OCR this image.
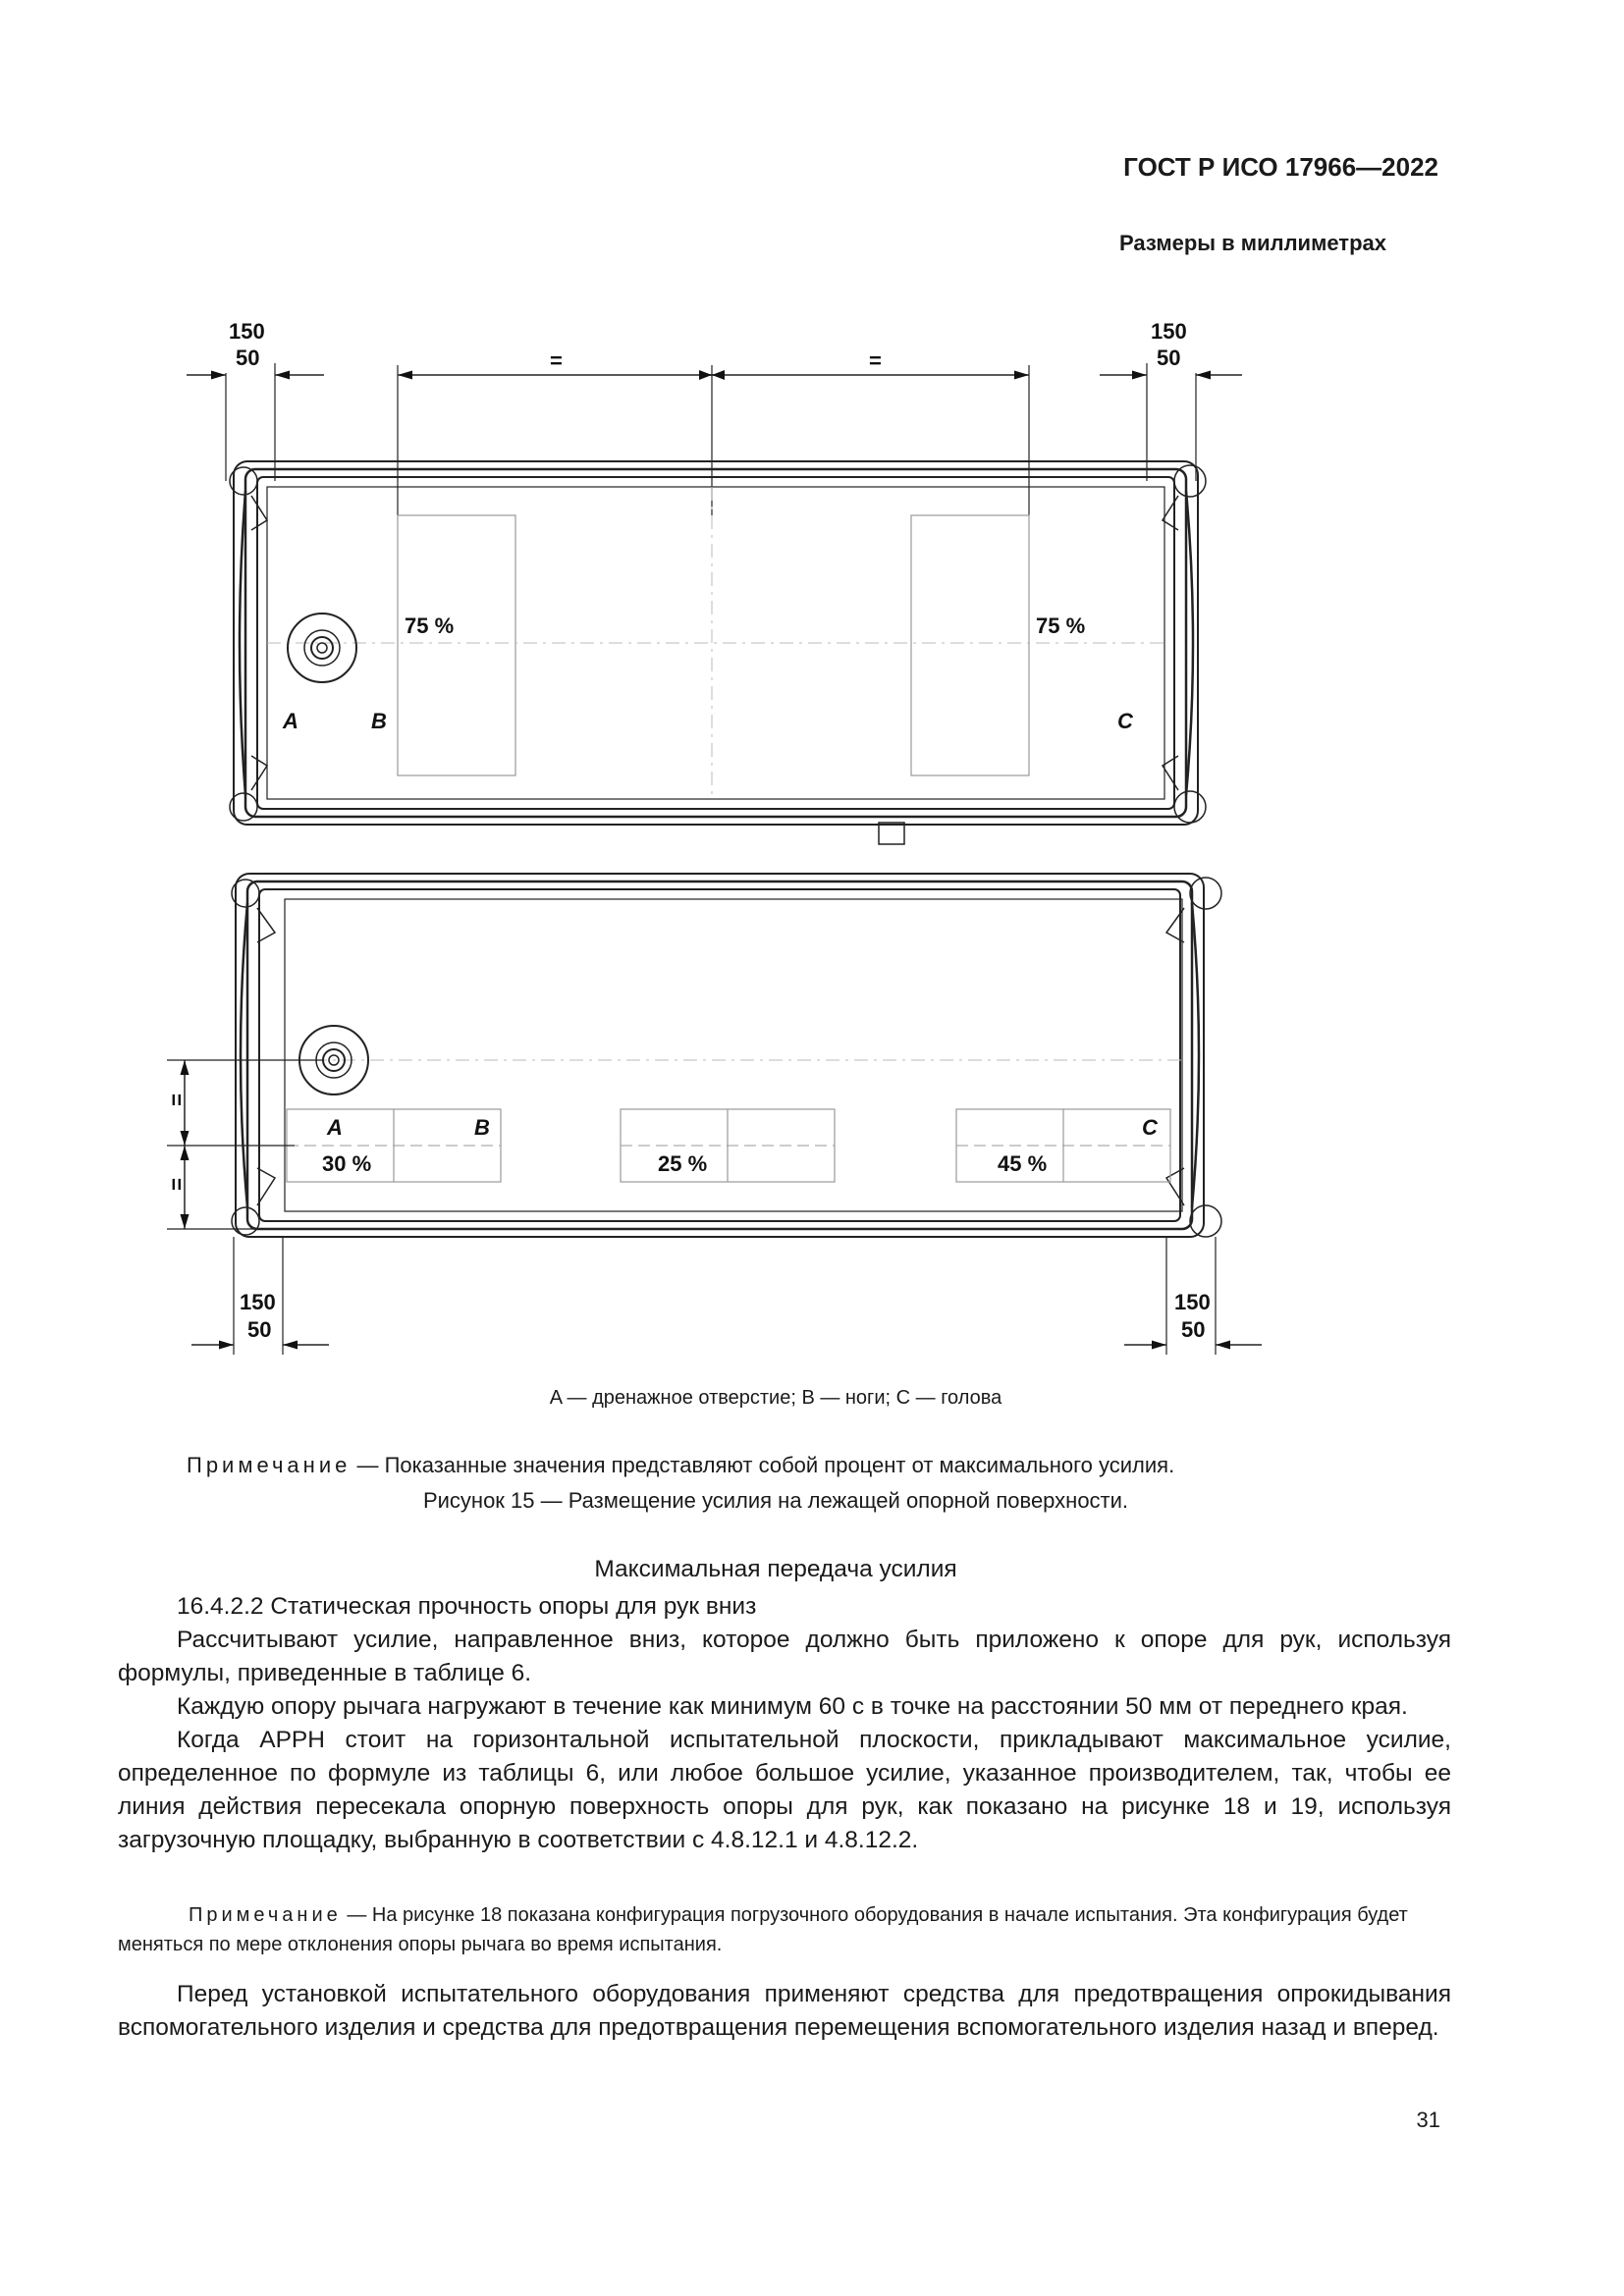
ГОСТ Р ИСО 17966—2022
Размеры в миллиметрах
150
50	=	=
150
50
75 %	75 %
A	B	C
A	B	C
30 %	25 %	45 %
=
=
150
50
150
50
A — дренажное отверстие; B — ноги; C — голова
Примечание — Показанные значения представляют собой процент от максимального усилия.
Рисунок 15 — Размещение усилия на лежащей опорной поверхности.
Максимальная передача усилия

16.4.2.2 Статическая прочность опоры для рук вниз

Рассчитывают усилие, направленное вниз, которое должно быть приложено к опоре для рук, используя формулы, приведенные в таблице 6.

Каждую опору рычага нагружают в течение как минимум 60 с в точке на расстоянии 50 мм от переднего края.

Когда АРРН стоит на горизонтальной испытательной плоскости, прикладывают максимальное усилие, определенное по формуле из таблицы 6, или любое большое усилие, указанное производителем, так, чтобы ее линия действия пересекала опорную поверхность опоры для рук, как показано на рисунке 18 и 19, используя загрузочную площадку, выбранную в соответствии с 4.8.12.1 и 4.8.12.2.

Примечание — На рисунке 18 показана конфигурация погрузочного оборудования в начале испытания. Эта конфигурация будет меняться по мере отклонения опоры рычага во время испытания.

Перед установкой испытательного оборудования применяют средства для предотвращения опрокидывания вспомогательного изделия и средства для предотвращения перемещения вспомогательного изделия назад и вперед.

31
